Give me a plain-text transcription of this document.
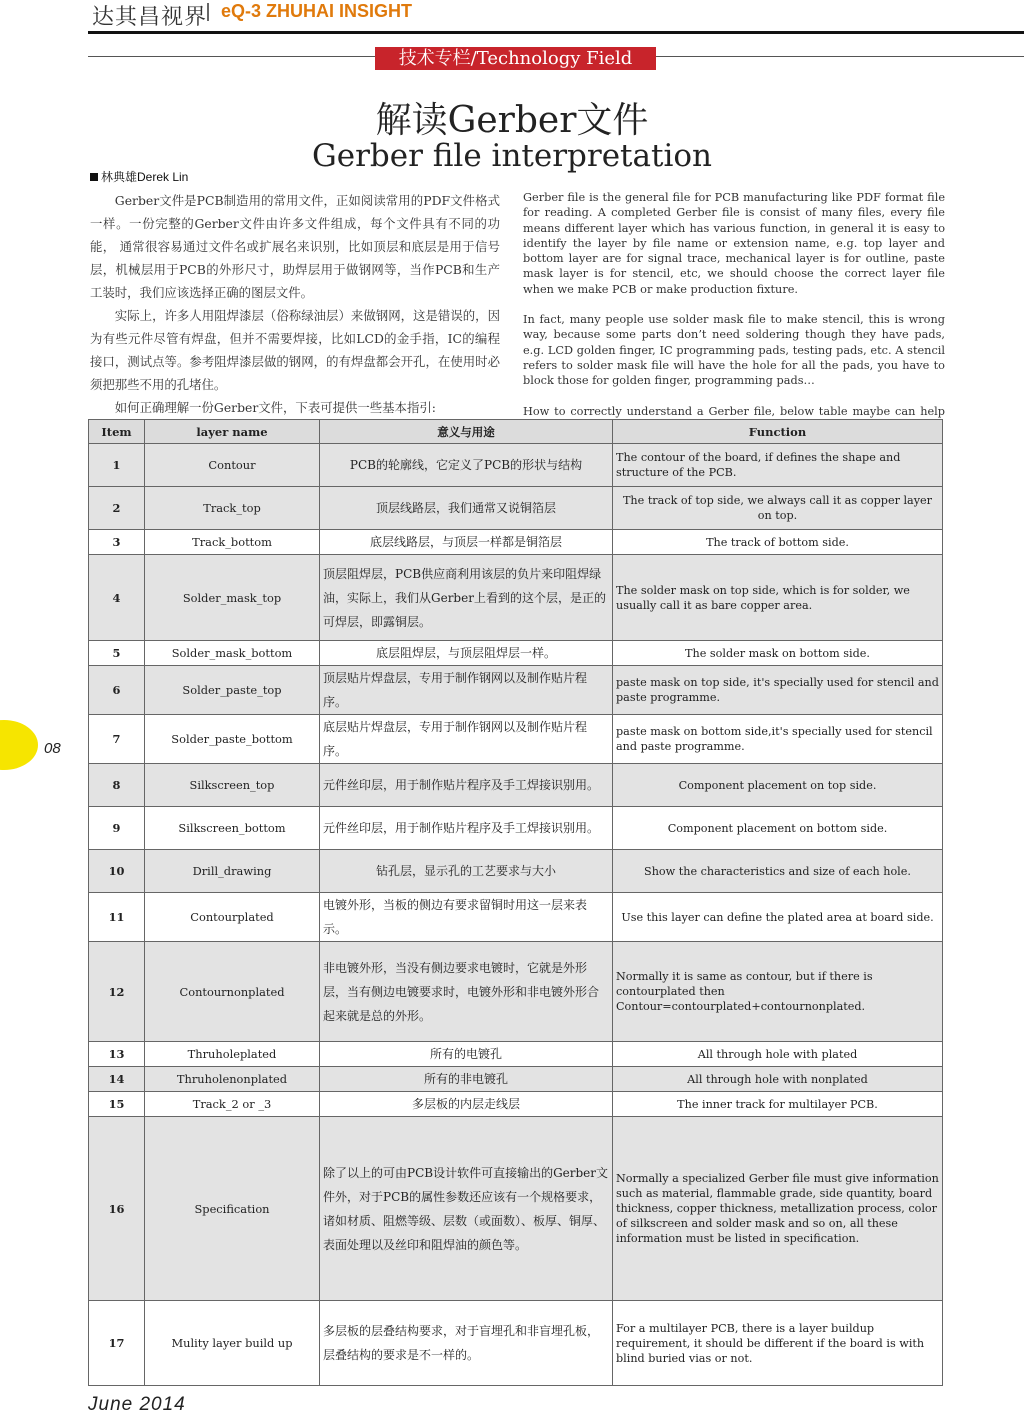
达其昌视界 eQ-3 ZHUHAI INSIGHT
技术专栏/Technology Field
解读Gerber文件
Gerber file interpretation
林典雄Derek Lin

Gerber文件是PCB制造用的常用文件，正如阅读常用的PDF文件格式一样。一份完整的Gerber文件由许多文件组成，每个文件具有不同的功能， 通常很容易通过文件名或扩展名来识别，比如顶层和底层是用于信号层，机械层用于PCB的外形尺寸，助焊层用于做钢网等，当作PCB和生产工装时，我们应该选择正确的图层文件。

实际上，许多人用阻焊漆层（俗称绿油层）来做钢网，这是错误的，因为有些元件尽管有焊盘，但并不需要焊接，比如LCD的金手指，IC的编程接口，测试点等。参考阻焊漆层做的钢网，的有焊盘都会开孔，在使用时必须把那些不用的孔堵住。

如何正确理解一份Gerber文件，下表可提供一些基本指引:

Gerber file is the general file for PCB manufacturing like PDF format file for reading. A completed Gerber file is consist of many files, every file means different layer which has various function, in general it is easy to identify the layer by file name or extension name, e.g. top layer and bottom layer are for signal trace, mechanical layer is for outline, paste mask layer is for stencil, etc, we should choose the correct layer file when we make PCB or make production fixture.

In fact, many people use solder mask file to make stencil, this is wrong way, because some parts don’t need soldering though they have pads, e.g. LCD golden finger, IC programming pads, testing pads, etc. A stencil refers to solder mask file will have the hole for all the pads, you have to block those for golden finger, programming pads…

How to correctly understand a Gerber file, below table maybe can help

Item	layer name	意义与用途	Function
1	Contour	PCB的轮廓线，它定义了PCB的形状与结构	The contour of the board, if defines the shape and structure of the PCB.
2	Track_top	顶层线路层，我们通常又说铜箔层	The track of top side, we always call it as copper layer on top.
3	Track_bottom	底层线路层，与顶层一样都是铜箔层	The track of bottom side.
4	Solder_mask_top	顶层阻焊层，PCB供应商利用该层的负片来印阻焊绿油，实际上，我们从Gerber上看到的这个层，是正的可焊层，即露铜层。	The solder mask on top side, which is for solder, we usually call it as bare copper area.
5	Solder_mask_bottom	底层阻焊层，与顶层阻焊层一样。	The solder mask on bottom side.
6	Solder_paste_top	顶层贴片焊盘层，专用于制作钢网以及制作贴片程序。	paste mask on top side, it's specially used for stencil and paste programme.
7	Solder_paste_bottom	底层贴片焊盘层，专用于制作钢网以及制作贴片程序。	paste mask on bottom side,it's specially used for stencil and paste programme.
8	Silkscreen_top	元件丝印层，用于制作贴片程序及手工焊接识别用。	Component placement on top side.
9	Silkscreen_bottom	元件丝印层，用于制作贴片程序及手工焊接识别用。	Component placement on bottom side.
10	Drill_drawing	钻孔层，显示孔的工艺要求与大小	Show the characteristics and size of each hole.
11	Contourplated	电镀外形，当板的侧边有要求留铜时用这一层来表示。	Use this layer can define the plated area at board side.
12	Contournonplated	非电镀外形，当没有侧边要求电镀时，它就是外形层，当有侧边电镀要求时，电镀外形和非电镀外形合起来就是总的外形。	Normally it is same as contour, but if there is contourplated then Contour=contourplated+contournonplated.
13	Thruholeplated	所有的电镀孔	All through hole with plated
14	Thruholenonplated	所有的非电镀孔	All through hole with nonplated
15	Track_2 or _3	多层板的内层走线层	The inner track for multilayer PCB.
16	Specification	除了以上的可由PCB设计软件可直接输出的Gerber文件外，对于PCB的属性参数还应该有一个规格要求，诸如材质、阻燃等级、层数（或面数）、板厚、铜厚、表面处理以及丝印和阻焊油的颜色等。	Normally a specialized Gerber file must give information such as material, flammable grade, side quantity, board thickness, copper thickness, metallization process, color of silkscreen and solder mask and so on, all these information must be listed in specification.
17	Mulity layer build up	多层板的层叠结构要求，对于盲埋孔和非盲埋孔板，层叠结构的要求是不一样的。	For a multilayer PCB, there is a layer buildup requirement, it should be different if the board is with blind buried vias or not.
08
June 2014
